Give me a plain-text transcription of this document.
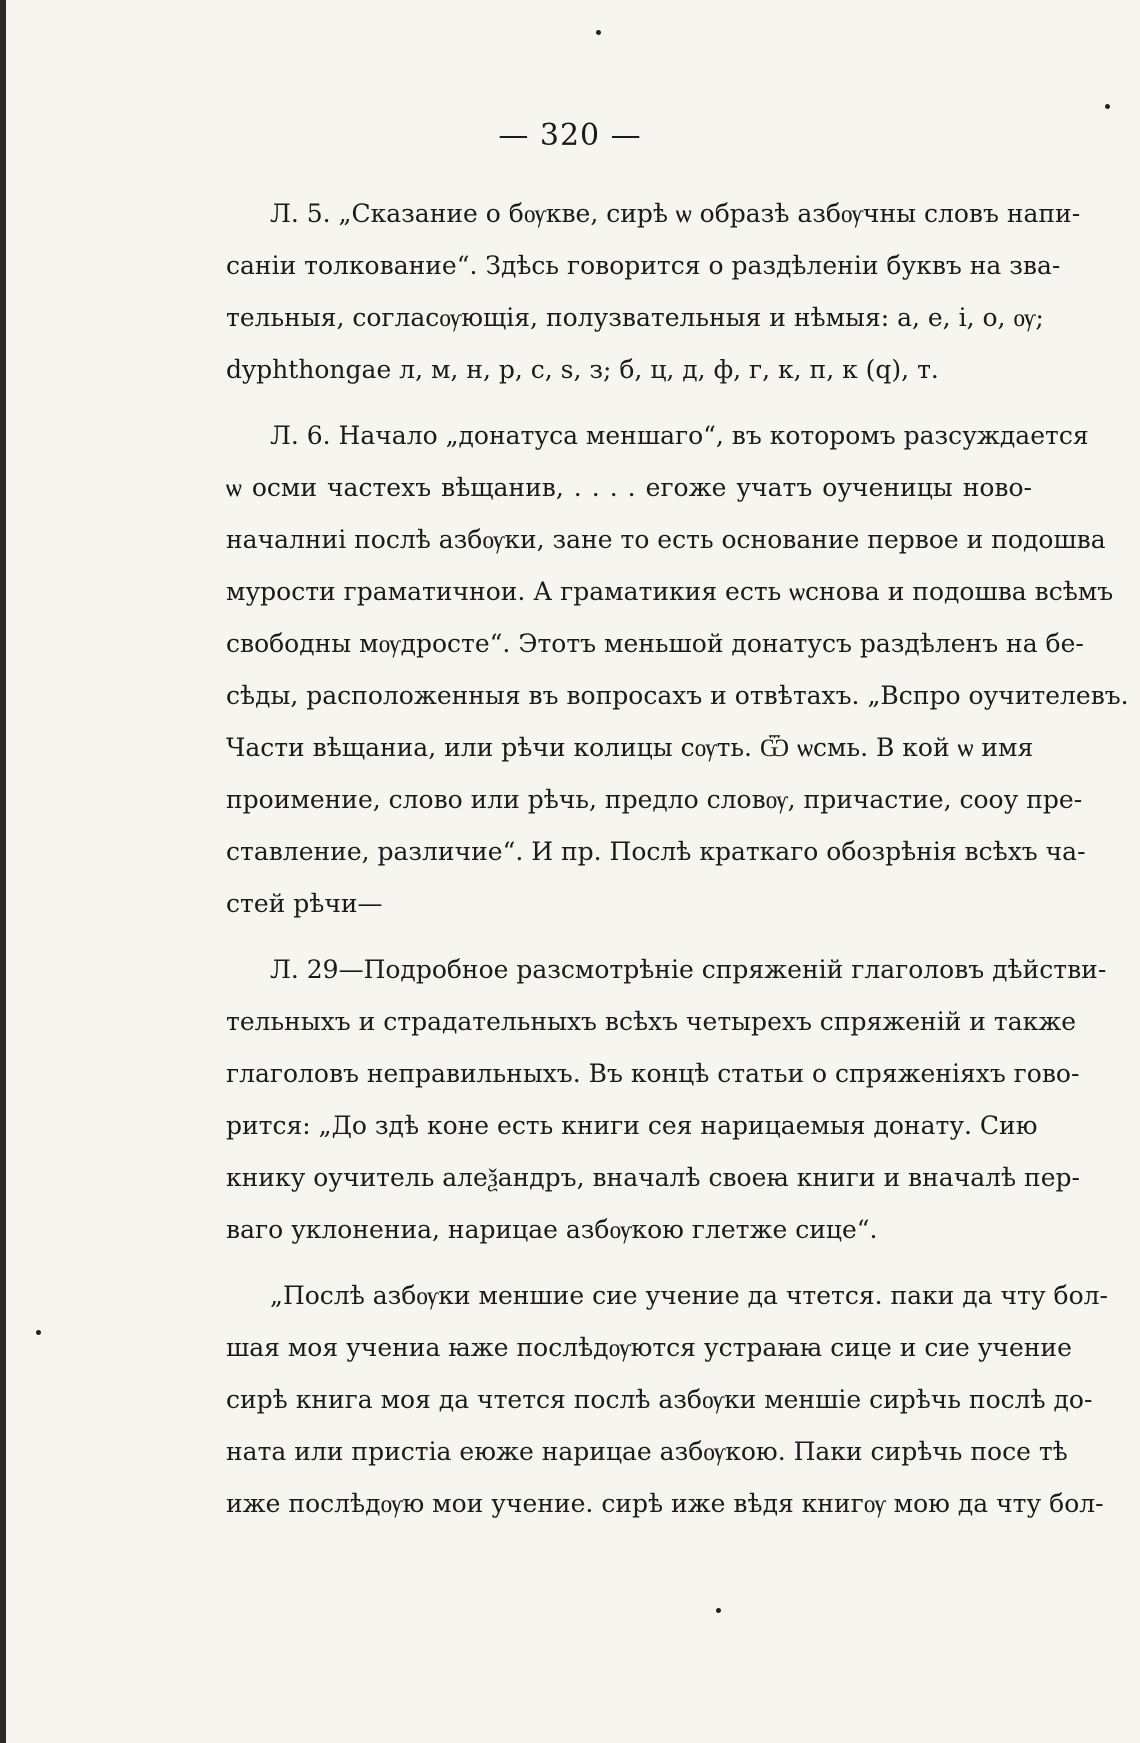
— 320 —
Л. 5. „Сказание о бѹкве, сирѣ ѡ образѣ азбѹчны словъ напи-
саніи толкованиe“. Здѣсь говорится о раздѣленіи буквъ на зва-
тельныя, согласѹющія, полузвательныя и нѣмыя: а, е, і, о, ѹ;
dyphthongae л, м, н, р, с, ѕ, з; б, ц, д, ф, г, к, п, к (q), т.
Л. 6. Начало „донатуса меншаго“, въ которомъ разсуждается
ѡ осми частехъ вѣщанив, . . . . егоже учатъ оученицы ново-
началниі послѣ азбѹки, зане то есть основание первое и подошва
мурости граматичнои. А граматикия есть ѡснова и подошва всѣмъ
свободны мѹдросте“. Этотъ меньшой донатусъ раздѣленъ на бе-
сѣды, расположенныя въ вопросахъ и отвѣтахъ. „Вспро оучителевъ.
Части вѣщаниа, или рѣчи колицы сѹть. Ѿ ѡсмь. В кой ѡ имя
проимение, слово или рѣчь, предло словѹ, причастие, сооу пре-
ставление, различие“. И пр. Послѣ краткаго обозрѣнія всѣхъ ча-
стей рѣчи—
Л. 29—Подробное разсмотрѣніе спряженій глаголовъ дѣйстви-
тельныхъ и страдательныхъ всѣхъ четырехъ спряженій и также
глаголовъ неправильныхъ. Въ концѣ статьи о спряженіяхъ гово-
рится: „До здѣ коне есть книги сея нарицаемыя донату. Сию
книку оучитель алеѯандръ, вначалѣ своеꙗ книги и вначалѣ пер-
ваго уклонениа, нарицае азбѹкою глетже сице“.
„Послѣ азбѹки меншие сие учение да чтется. паки да чту бол-
шая моя учениа ꙗже послѣдѹются устраꙗꙗ сице и сие учение
сирѣ книга моя да чтется послѣ азбѹки меншіе сирѣчь послѣ до-
ната или пристіа еюже нарицае азбѹкою. Паки сирѣчь посе тѣ
иже послѣдѹю мои учение. сирѣ иже вѣдя книгѹ мою да чту бол-
